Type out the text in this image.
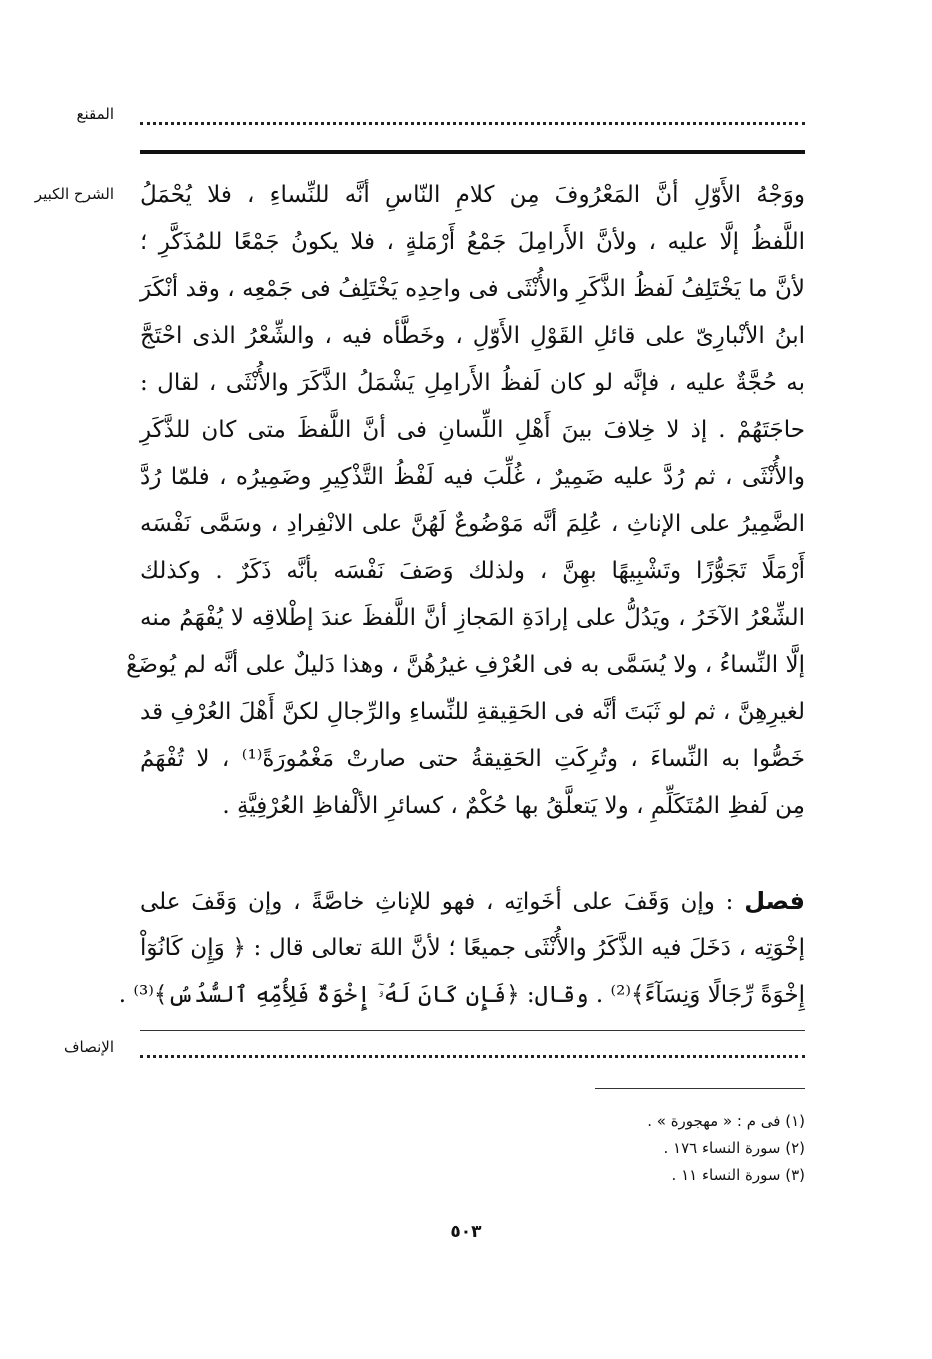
المقنع
الشرح الكبير ووَجْهُ الأَوّلِ أنَّ المَعْرُوفَ مِن كلامِ النّاسِ أنَّه للنِّساءِ ، فلا يُحْمَلُ
اللَّفظُ إلَّا عليه ، ولأنَّ الأَرامِلَ جَمْعُ أَرْمَلةٍ ، فلا يكونُ جَمْعًا للمُذَكَّرِ ؛
لأنَّ ما يَخْتَلِفُ لَفظُ الذَّكَرِ والأُنْثَى فى واحِدِه يَخْتَلِفُ فى جَمْعِه ، وقد أنْكَرَ
ابنُ الأنْبارِىّ على قائلِ القَوْلِ الأَوّلِ ، وخَطَّأه فيه ، والشِّعْرُ الذى احْتَجَّ
به حُجَّةٌ عليه ، فإنَّه لو كان لَفظُ الأَرامِلِ يَشْمَلُ الذَّكَرَ والأُنْثَى ، لقال :
حاجَتَهُمْ . إذ لا خِلافَ بينَ أَهْلِ اللِّسانِ فى أنَّ اللَّفظَ متى كان للذَّكَرِ
والأُنْثَى ، ثم رُدَّ عليه ضَمِيرٌ ، غُلِّبَ فيه لَفْظُ التَّذْكِيرِ وضَمِيرُه ، فلمّا رُدَّ
الضَّمِيرُ على الإناثِ ، عُلِمَ أنَّه مَوْضُوعٌ لَهُنَّ على الانْفِرادِ ، وسَمَّى نَفْسَه
أَرْمَلًا تَجَوُّزًا وتَشْبِيهًا بهِنَّ ، ولذلك وَصَفَ نَفْسَه بأنَّه ذَكَرٌ . وكذلك
الشِّعْرُ الآخَرُ ، ويَدُلُّ على إرادَةِ المَجازِ أنَّ اللَّفظَ عندَ إطْلاقِه لا يُفْهَمُ منه
إلَّا النِّساءُ ، ولا يُسَمَّى به فى العُرْفِ غيرُهُنَّ ، وهذا دَليلٌ على أنَّه لم يُوضَعْ
لغيرِهِنَّ ، ثم لو ثَبَتَ أنَّه فى الحَقِيقةِ للنِّساءِ والرِّجالِ لكنَّ أَهْلَ العُرْفِ قد
خَصُّوا به النِّساءَ ، وتُرِكَتِ الحَقِيقةُ حتى صارتْ مَغْمُورَةً⁽¹⁾ ، لا تُفْهَمُ
مِن لَفظِ المُتَكَلِّمِ ، ولا يَتعلَّقُ بها حُكْمٌ ، كسائرِ الألْفاظِ العُرْفِيَّةِ .
فصل : وإن وَقَفَ على أخَواتِه ، فهو للإناثِ خاصَّةً ، وإن وَقَفَ على
إخْوَتِه ، دَخَلَ فيه الذَّكَرُ والأُنْثَى جميعًا ؛ لأنَّ اللهَ تعالى قال : ﴿ وَإِن كَانُوٓاْ
إِخْوَةً رِّجَالًا وَنِسَآءً﴾⁽²⁾ . وقال: ﴿فَإِن كَانَ لَهُۥٓ إِخْوَةٌ فَلِأُمِّهِ ٱلسُّدُسُ﴾⁽³⁾ .
الإنصاف
(١) فى م : « مهجورة » .
(٢) سورة النساء ١٧٦ .
(٣) سورة النساء ١١ .
٥٠٣
